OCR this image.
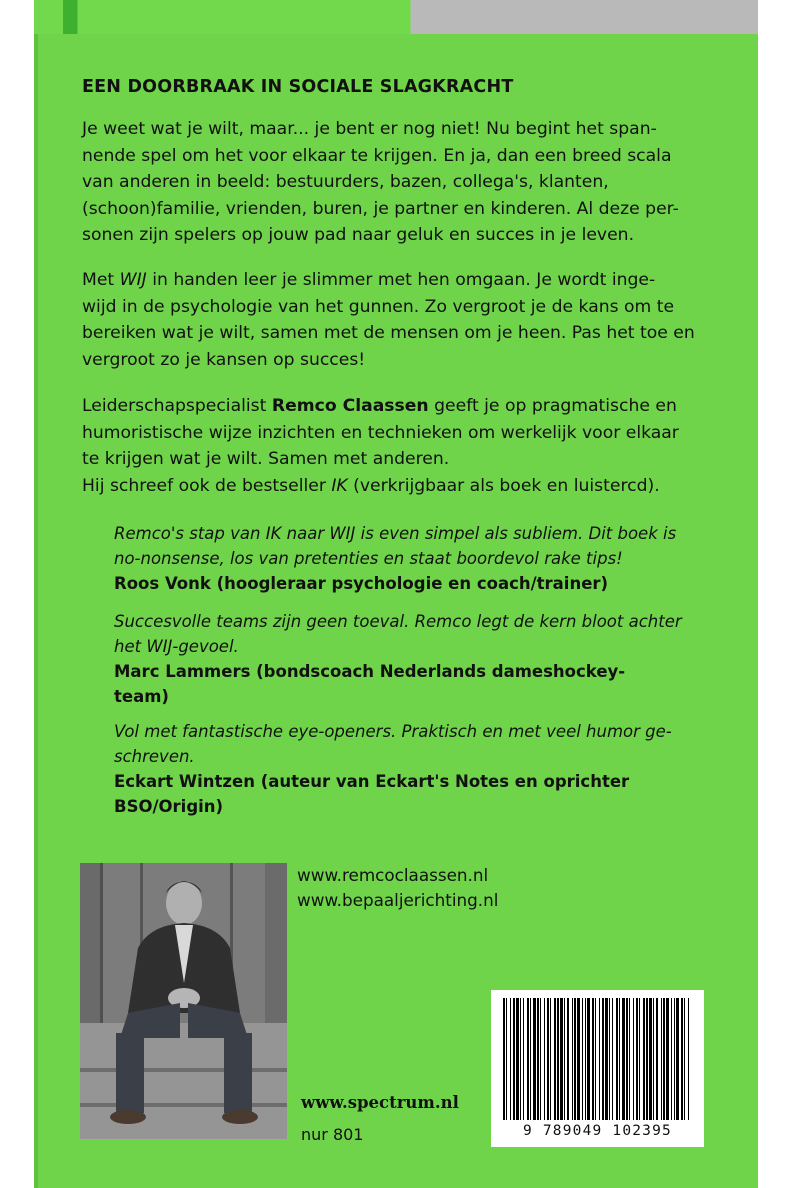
EEN DOORBRAAK IN SOCIALE SLAGKRACHT

Je weet wat je wilt, maar... je bent er nog niet! Nu begint het span-
nende spel om het voor elkaar te krijgen. En ja, dan een breed scala
van anderen in beeld: bestuurders, bazen, collega's, klanten,
(schoon)familie, vrienden, buren, je partner en kinderen. Al deze per-
sonen zijn spelers op jouw pad naar geluk en succes in je leven.

Met WIJ in handen leer je slimmer met hen omgaan. Je wordt inge-
wijd in de psychologie van het gunnen. Zo vergroot je de kans om te
bereiken wat je wilt, samen met de mensen om je heen. Pas het toe en
vergroot zo je kansen op succes!

Leiderschapspecialist Remco Claassen geeft je op pragmatische en
humoristische wijze inzichten en technieken om werkelijk voor elkaar
te krijgen wat je wilt. Samen met anderen.
Hij schreef ook de bestseller IK (verkrijgbaar als boek en luistercd).

Remco's stap van IK naar WIJ is even simpel als subliem. Dit boek is
no-nonsense, los van pretenties en staat boordevol rake tips!
Roos Vonk (hoogleraar psychologie en coach/trainer)
Succesvolle teams zijn geen toeval. Remco legt de kern bloot achter
het WIJ-gevoel.
Marc Lammers (bondscoach Nederlands dameshockey-
team)
Vol met fantastische eye-openers. Praktisch en met veel humor ge-
schreven.
Eckart Wintzen (auteur van Eckart's Notes en oprichter
BSO/Origin)

www.remcoclaassen.nl
www.bepaaljerichting.nl

www.spectrum.nl
nur 801	9 789049 102395
